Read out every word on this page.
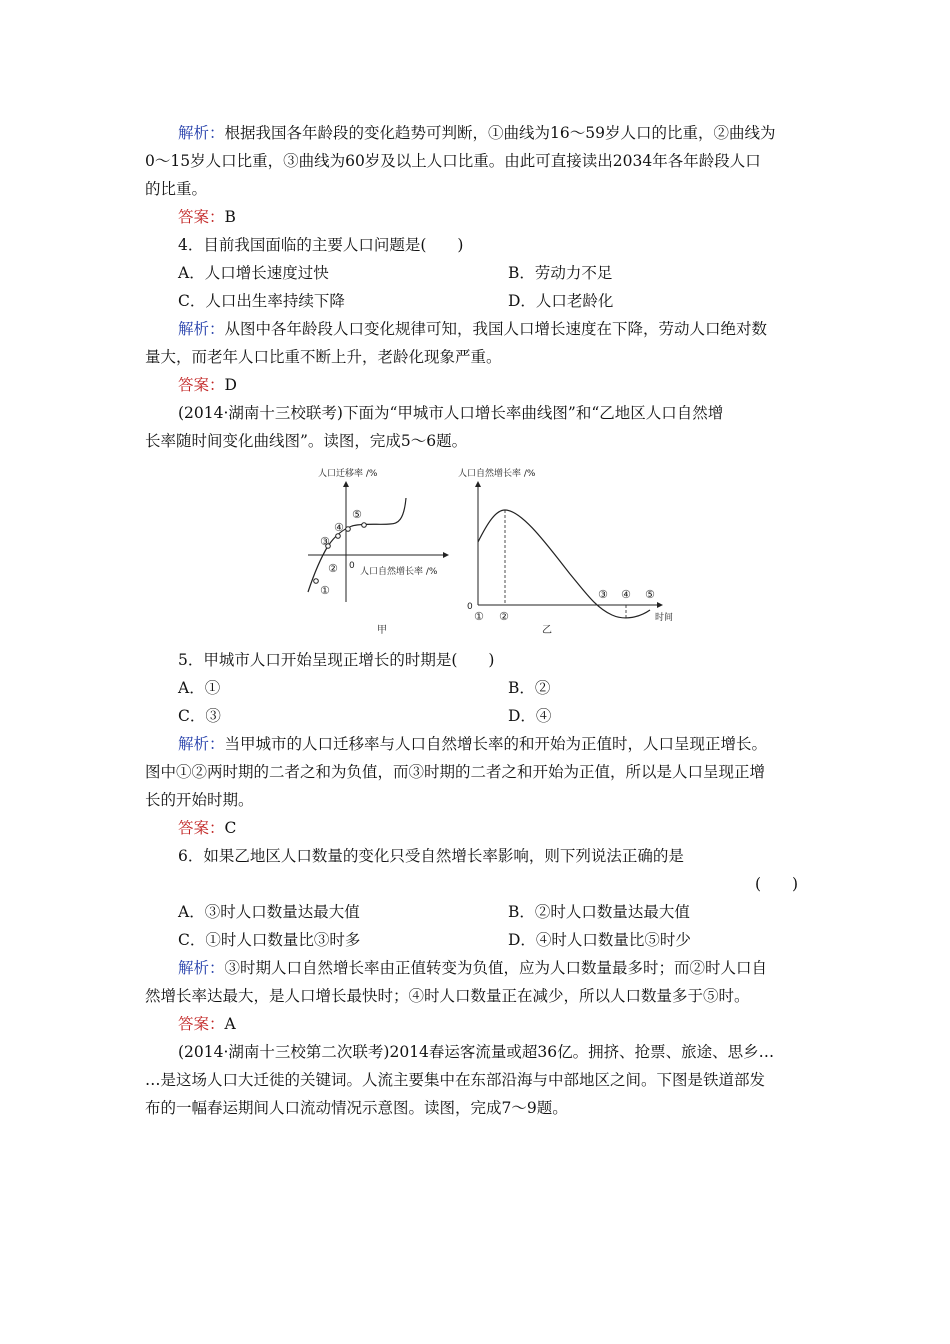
解析：根据我国各年龄段的变化趋势可判断，①曲线为16～59岁人口的比重，②曲线为
0～15岁人口比重，③曲线为60岁及以上人口比重。由此可直接读出2034年各年龄段人口
的比重。
答案：B
4．目前我国面临的主要人口问题是(　　)
A．人口增长速度过快	B．劳动力不足
C．人口出生率持续下降	D．人口老龄化
解析：从图中各年龄段人口变化规律可知，我国人口增长速度在下降，劳动人口绝对数
量大，而老年人口比重不断上升，老龄化现象严重。
答案：D
(2014·湖南十三校联考)下面为“甲城市人口增长率曲线图”和“乙地区人口自然增
长率随时间变化曲线图”。读图，完成5～6题。
人口迁移率 /%
0
人口自然增长率 /%
①
②
③
④
⑤
甲
人口自然增长率 /%
0
时间
① ②
③ ④ ⑤
乙
5．甲城市人口开始呈现正增长的时期是(　　)
A．①	B．②
C．③	D．④
解析：当甲城市的人口迁移率与人口自然增长率的和开始为正值时，人口呈现正增长。
图中①②两时期的二者之和为负值，而③时期的二者之和开始为正值，所以是人口呈现正增
长的开始时期。
答案：C
6．如果乙地区人口数量的变化只受自然增长率影响，则下列说法正确的是
(　　)
A．③时人口数量达最大值	B．②时人口数量达最大值
C．①时人口数量比③时多	D．④时人口数量比⑤时少
解析：③时期人口自然增长率由正值转变为负值，应为人口数量最多时；而②时人口自
然增长率达最大，是人口增长最快时；④时人口数量正在减少，所以人口数量多于⑤时。
答案：A
(2014·湖南十三校第二次联考)2014春运客流量或超36亿。拥挤、抢票、旅途、思乡…
…是这场人口大迁徙的关键词。人流主要集中在东部沿海与中部地区之间。下图是铁道部发
布的一幅春运期间人口流动情况示意图。读图，完成7～9题。
